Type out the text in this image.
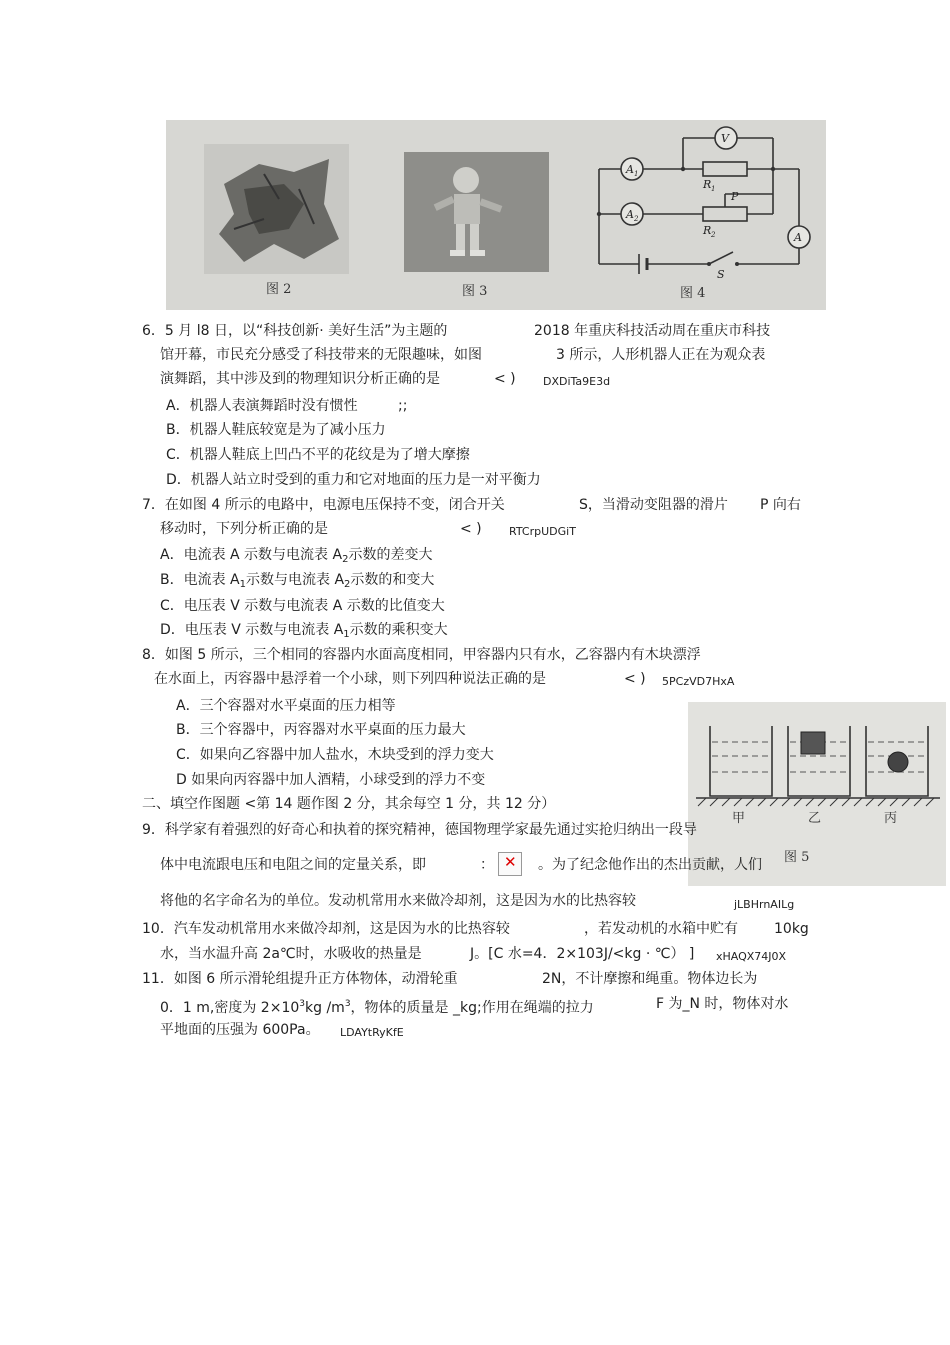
图 2	图 3
V
A 1
A 2
A
R 1
R 2
P
S
图 4
6．5 月 l8 日，以“科技创新· 美好生活”为主题的	2018 年重庆科技活动周在重庆市科技
馆开幕，市民充分感受了科技带来的无限趣味，如图	3 所示，人形机器人正在为观众表
演舞蹈，其中涉及到的物理知识分析正确的是	< ) DXDiTa9E3d
A．机器人表演舞蹈时没有惯性	;;
B．机器人鞋底较宽是为了减小压力
C．机器人鞋底上凹凸不平的花纹是为了增大摩擦
D．机器人站立时受到的重力和它对地面的压力是一对平衡力
7．在如图 4 所示的电路中，电源电压保持不变，闭合开关	S，当滑动变阻器的滑片 P 向右
移动时，下列分析正确的是	< ) RTCrpUDGiT
A．电流表 A 示数与电流表 $A_2$示数的差变大
B．电流表 $A_1$示数与电流表 $A_2$示数的和变大
C．电压表 V 示数与电流表 A 示数的比值变大
D．电压表 V 示数与电流表 $A_1$示数的乘积变大
8．如图 5 所示，三个相同的容器内水面高度相同，甲容器内只有水，乙容器内有木块漂浮
在水面上，丙容器中悬浮着一个小球，则下列四种说法正确的是	< ) 5PCzVD7HxA
A．三个容器对水平桌面的压力相等
B．三个容器中，丙容器对水平桌面的压力最大
C．如果向乙容器中加人盐水，木块受到的浮力变大
D 如果向丙容器中加人酒精，小球受到的浮力不变
甲	乙	丙
图 5
二、填空作图题 <第 14 题作图 2 分，其余每空 1 分，共 12 分）
9．科学家有着强烈的好奇心和执着的探究精神，德国物理学家最先通过实抢归纳出一段导
体中电流跟电压和电阻之间的定量关系，即	： ✕ 。为了纪念他作出的杰出贡献，人们
将他的名字命名为的单位。发动机常用水来做冷却剂，这是因为水的比热容较	jLBHrnAILg
10．汽车发动机常用水来做冷却剂，这是因为水的比热容较	，若发动机的水箱中贮有	10kg
水，当水温升高 2a℃时，水吸收的热量是	J。[C 水=4．2×103J/<kg · ℃） ] xHAQX74J0X
11．如图 6 所示滑轮组提升正方体物体，动滑轮重	2N，不计摩擦和绳重。物体边长为
0．1 m,密度为 $2\times 10^3kg$ $/m^3$，物体的质量是 _kg;作用在绳端的拉力	F 为_N 时，物体对水
平地面的压强为 600Pa。 LDAYtRyKfE
